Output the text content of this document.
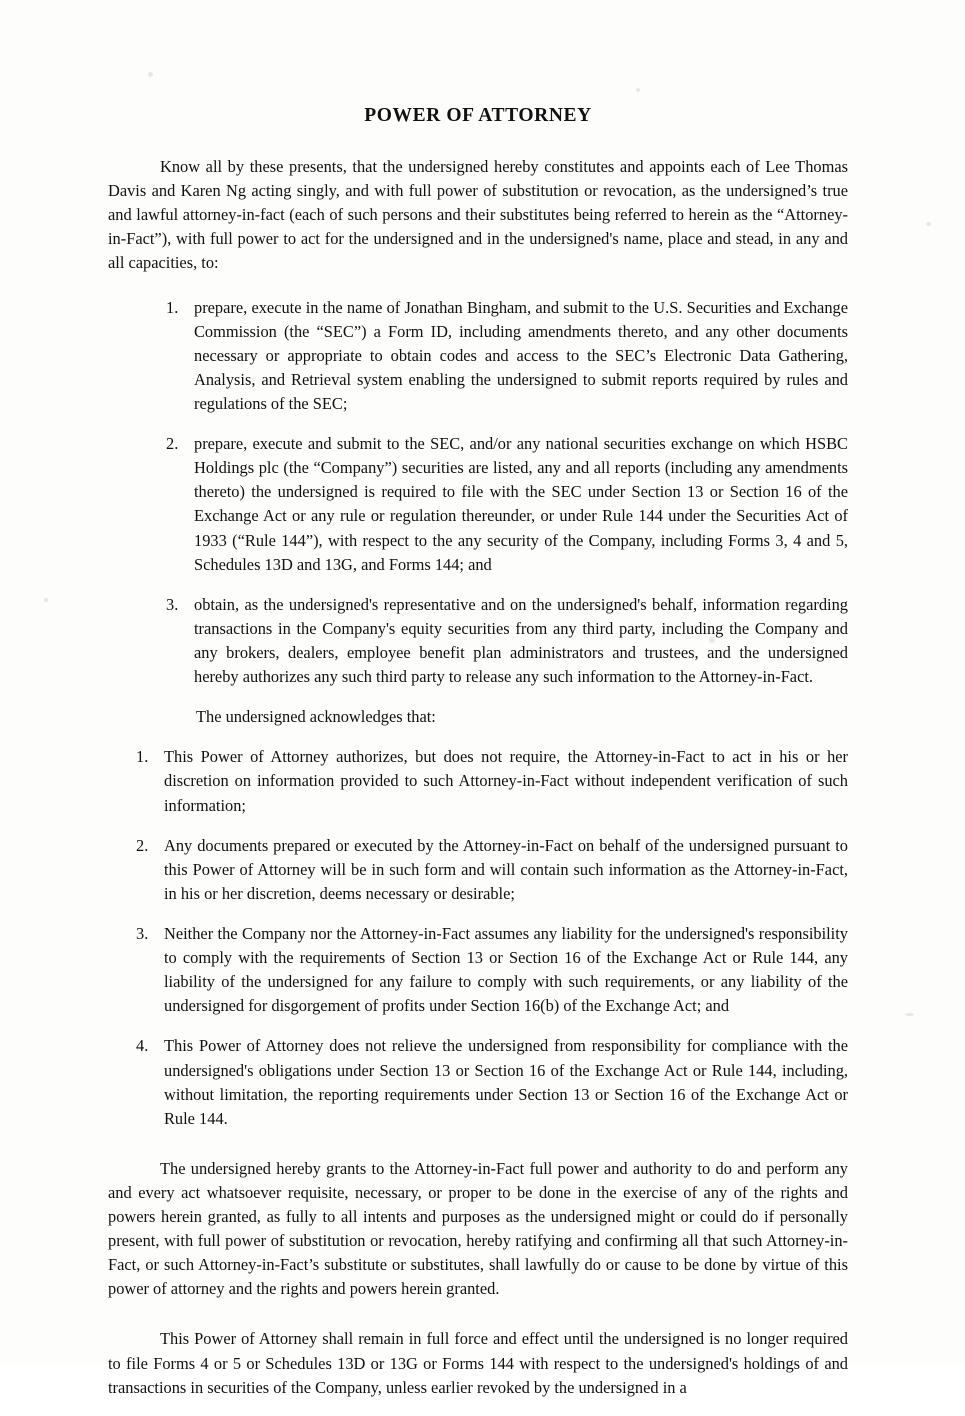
POWER OF ATTORNEY

Know all by these presents, that the undersigned hereby constitutes and appoints each of Lee Thomas Davis and Karen Ng acting singly, and with full power of substitution or revocation, as the undersigned’s true and lawful attorney-in-fact (each of such persons and their substitutes being referred to herein as the “Attorney-in-Fact”), with full power to act for the undersigned and in the undersigned's name, place and stead, in any and all capacities, to:

1. prepare, execute in the name of Jonathan Bingham, and submit to the U.S. Securities and Exchange Commission (the “SEC”) a Form ID, including amendments thereto, and any other documents necessary or appropriate to obtain codes and access to the SEC’s Electronic Data Gathering, Analysis, and Retrieval system enabling the undersigned to submit reports required by rules and regulations of the SEC;
2. prepare, execute and submit to the SEC, and/or any national securities exchange on which HSBC Holdings plc (the “Company”) securities are listed, any and all reports (including any amendments thereto) the undersigned is required to file with the SEC under Section 13 or Section 16 of the Exchange Act or any rule or regulation thereunder, or under Rule 144 under the Securities Act of 1933 (“Rule 144”), with respect to the any security of the Company, including Forms 3, 4 and 5, Schedules 13D and 13G, and Forms 144; and
3. obtain, as the undersigned's representative and on the undersigned's behalf, information regarding transactions in the Company's equity securities from any third party, including the Company and any brokers, dealers, employee benefit plan administrators and trustees, and the undersigned hereby authorizes any such third party to release any such information to the Attorney-in-Fact.

The undersigned acknowledges that:

1. This Power of Attorney authorizes, but does not require, the Attorney-in-Fact to act in his or her discretion on information provided to such Attorney-in-Fact without independent verification of such information;
2. Any documents prepared or executed by the Attorney-in-Fact on behalf of the undersigned pursuant to this Power of Attorney will be in such form and will contain such information as the Attorney-in-Fact, in his or her discretion, deems necessary or desirable;
3. Neither the Company nor the Attorney-in-Fact assumes any liability for the undersigned's responsibility to comply with the requirements of Section 13 or Section 16 of the Exchange Act or Rule 144, any liability of the undersigned for any failure to comply with such requirements, or any liability of the undersigned for disgorgement of profits under Section 16(b) of the Exchange Act; and
4. This Power of Attorney does not relieve the undersigned from responsibility for compliance with the undersigned's obligations under Section 13 or Section 16 of the Exchange Act or Rule 144, including, without limitation, the reporting requirements under Section 13 or Section 16 of the Exchange Act or Rule 144.

The undersigned hereby grants to the Attorney-in-Fact full power and authority to do and perform any and every act whatsoever requisite, necessary, or proper to be done in the exercise of any of the rights and powers herein granted, as fully to all intents and purposes as the undersigned might or could do if personally present, with full power of substitution or revocation, hereby ratifying and confirming all that such Attorney-in-Fact, or such Attorney-in-Fact’s substitute or substitutes, shall lawfully do or cause to be done by virtue of this power of attorney and the rights and powers herein granted.

This Power of Attorney shall remain in full force and effect until the undersigned is no longer required to file Forms 4 or 5 or Schedules 13D or 13G or Forms 144 with respect to the undersigned's holdings of and transactions in securities of the Company, unless earlier revoked by the undersigned in a
